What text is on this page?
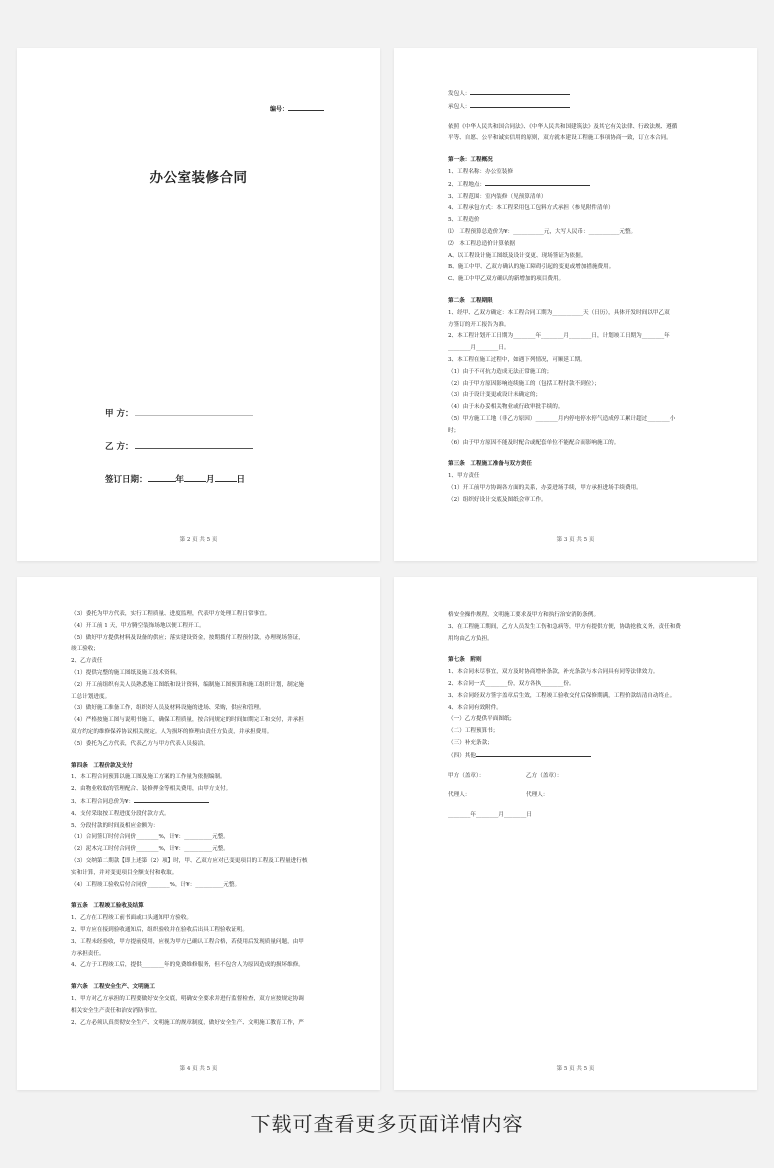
编号：
办公室装修合同
甲 方：
乙 方：
签订日期：	年	月	日
第 2 页 共 5 页
发包人：
承包人：
依照《中华人民共和国合同法》、《中华人民共和国建筑法》及其它有关法律、行政法规、遵循
平等、自愿、公平和诚实信用的原则，双方就本建设工程施工事项协商一致，订立本合同。
第一条：工程概况
1、工程名称：办公室装修
2、工程地点：
3、工程范围：室内装修（见预算清单）
4、工程承包方式：本工程采用包工包料方式承担（参见附件清单）
5、工程造价
⑴　工程预算总造价为¥：___________元，大写人民币：___________元整。
⑵　本工程总造价计算依据
A、以工程设计施工图纸及设计变更、现场签证为依据。
B、施工中甲、乙双方确认的施工障碍引起的变更或增加措施费用。
C、施工中甲乙双方确认的新增加的项目费用。
第二条　工程期限
1、经甲、乙双方确定：本工程合同工期为___________天（日历），具体开发时间以甲乙双
方签订的开工报告为准。
2、本工程计划开工日期为________年________月________日，计划竣工日期为________年
________月________日。
3、本工程在施工过程中，如遇下列情况，可顺延工期。
（1）由于不可抗力造成无法正常施工的；
（2）由于甲方原因影响连续施工的（包括工程付款不到位）；
（3）由于设计变更或设计未确定的；
（4）由于未办妥相关物业或行政审批手续的。
（5）甲方施工工地（非乙方原因）________月内停电停水停气造成停工累计超过________小
时；
（6）由于甲方原因不能及时配合或配套单位不能配合而影响施工的。
第三条　工程施工准备与双方责任
1、甲方责任
（1）开工前甲方协调各方面的关系，办妥进场手续，甲方承担进场手续费用。
（2）组织好设计交底及图纸会审工作。
第 3 页 共 5 页
（3）委托为甲方代表，实行工程质量、进度监理，代表甲方处理工程日常事宜。
（4）开工前 1 天，甲方腾空装饰场地以便工程开工。
（5）做好甲方提供材料及设备的供应；落实建设资金，按期拨付工程预付款，办理现场签证，
竣工验收；
2、乙方责任
（1）提供完整的施工图纸及施工技术资料。
（2）开工前组织有关人员熟悉施工图纸和设计资料，编制施工图预算和施工组织计划，制定施
工总计划进度。
（3）做好施工准备工作，组织好人员及材料设施的进场、采购，供应和管理。
（4）严格按施工图与说明书施工，确保工程质量，按合同规定的时间如期完工和交付，并承担
双方约定的维修保养协议相关规定。人为损坏的修理由责任方负责，并承担费用。
（5）委托为乙方代表，代表乙方与甲方代表人员接洽。
第四条　工程价款及支付
1、本工程合同预算以施工图及施工方案的工作量为依据编制。
2、由物业收取的管理配合、装修押金等相关费用，由甲方支付。
3、本工程合同总价为¥：
4、支付采取按工程进度分段付款方式。
5、分段付款的时间及相应金额为：
（1）合同签订时付合同价________%，计¥：__________元整。
（2）泥木完工时付合同价________%，计¥：__________元整。
（3）交纳第二期款【即上述第（2）项】时，甲、乙双方应对已变更项目的工程及工程量进行核
实和计算，并对变更项目全额支付和收取。
（4）工程竣工验收后付合同价________%，计¥：__________元整。
第五条　工程竣工验收及结算
1、乙方在工程竣工前书面或口头通知甲方验收。
2、甲方应在接到验收通知后，组织验收并在验收后出具工程验收证明。
3、工程未经验收，甲方提前使用，应视为甲方已确认工程合格，若使用后发现质量问题，由甲
方承担责任。
4、乙方于工程竣工后，提供________年的免费维修服务，但不包含人为原因造成的损坏维修。
第六条　工程安全生产、文明施工
1、甲方对乙方承担的工程要做好安全交底，明确安全要求并进行监督检查，双方应按规定协调
相关安全生产责任和治安消防事宜。
2、乙方必须认真贯彻安全生产、文明施工的规章制度，做好安全生产、文明施工教育工作，严
第 4 页 共 5 页
格安全操作规程，文明施工要求及甲方和执行治安消防条例。
3、在工程施工期间，乙方人员发生工伤和急病等，甲方有提供方便，协助抢救义务，责任和费
用均由乙方负担。
第七条　附则
1、本合同未尽事宜，双方及时协商增补条款，补充条款与本合同具有同等法律效力。
2、本合同一式________份，双方各执________份。
3、本合同经双方签字盖章后生效，工程竣工验收交付后保修期满，工程价款结清自动终止。
4、本合同有效附件。
（一）乙方提供平面图纸；
（二）工程预算书；
（三）补充条款；
（四）其他
甲方（盖章）：	乙方（盖章）：
代理人：	代理人：
________年________月________日
第 5 页 共 5 页
下载可查看更多页面详情内容
